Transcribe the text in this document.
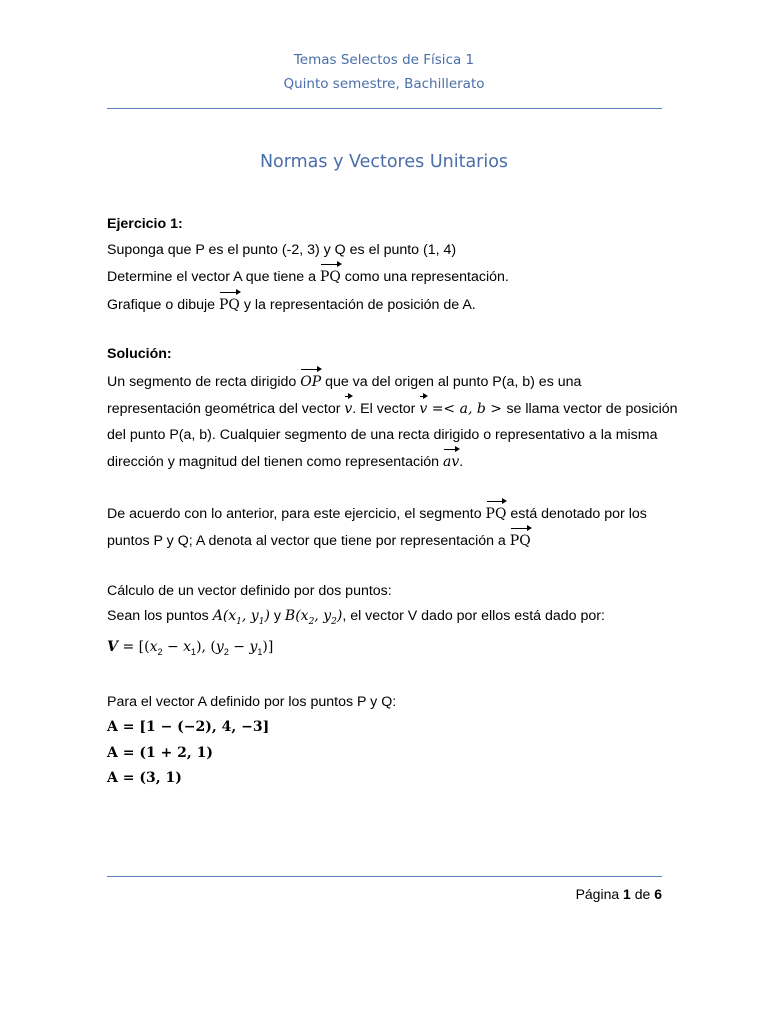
Temas Selectos de Física 1
Quinto semestre, Bachillerato
Normas y Vectores Unitarios
Ejercicio 1:
Suponga que P es el punto (-2, 3) y Q es el punto (1, 4)
Determine el vector A que tiene a PQ como una representación.
Grafique o dibuje PQ y la representación de posición de A.
Solución:
Un segmento de recta dirigido OP que va del origen al punto P(a, b) es una
representación geométrica del vector v. El vector v =< a, b > se llama vector de posición
del punto P(a, b). Cualquier segmento de una recta dirigido o representativo a la misma
dirección y magnitud del tienen como representación av.
De acuerdo con lo anterior, para este ejercicio, el segmento PQ está denotado por los
puntos P y Q; A denota al vector que tiene por representación a PQ
Cálculo de un vector definido por dos puntos:
Sean los puntos $A(x_1$, $y_1$) y $B(x_2$, $y_2$), el vector V dado por ellos está dado por:
$V = [(x_2 - x_1)$, $(y_2 - y_1)$]
Para el vector A definido por los puntos P y Q:
A = [1 − (−2), 4, −3]
A = (1 + 2, 1)
A = (3, 1)
Página 1 de 6
